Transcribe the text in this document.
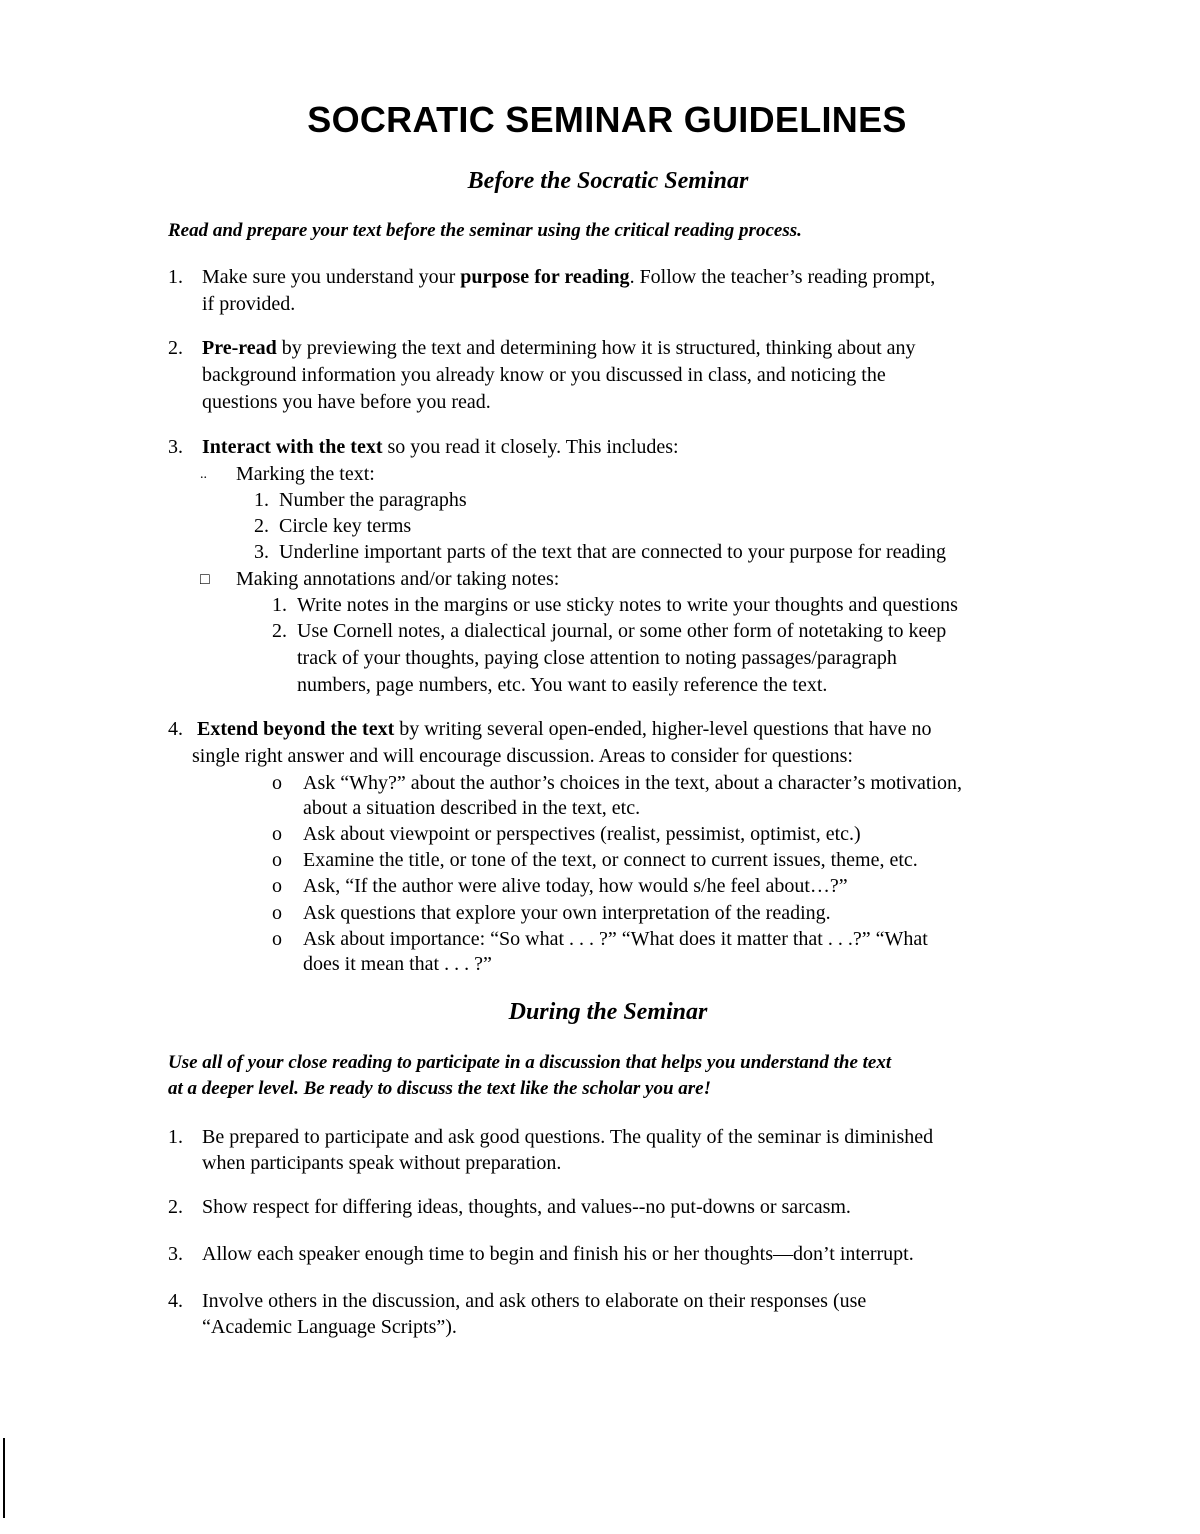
SOCRATIC SEMINAR GUIDELINES
Before the Socratic Seminar
Read and prepare your text before the seminar using the critical reading process.
1. Make sure you understand your purpose for reading. Follow the teacher’s reading prompt,
if provided.
2. Pre-read by previewing the text and determining how it is structured, thinking about any
background information you already know or you discussed in class, and noticing the
questions you have before you read.
3. Interact with the text so you read it closely. This includes:
.. Marking the text:
1. Number the paragraphs
2. Circle key terms
3. Underline important parts of the text that are connected to your purpose for reading
□ Making annotations and/or taking notes:
1. Write notes in the margins or use sticky notes to write your thoughts and questions
2. Use Cornell notes, a dialectical journal, or some other form of notetaking to keep
track of your thoughts, paying close attention to noting passages/paragraph
numbers, page numbers, etc. You want to easily reference the text.
4. Extend beyond the text by writing several open-ended, higher-level questions that have no
single right answer and will encourage discussion. Areas to consider for questions:
o Ask “Why?” about the author’s choices in the text, about a character’s motivation,
about a situation described in the text, etc.
o Ask about viewpoint or perspectives (realist, pessimist, optimist, etc.)
o Examine the title, or tone of the text, or connect to current issues, theme, etc.
o Ask, “If the author were alive today, how would s/he feel about…?”
o Ask questions that explore your own interpretation of the reading.
o Ask about importance: “So what . . . ?” “What does it matter that . . .?” “What
does it mean that . . . ?”
During the Seminar
Use all of your close reading to participate in a discussion that helps you understand the text
at a deeper level. Be ready to discuss the text like the scholar you are!
1. Be prepared to participate and ask good questions. The quality of the seminar is diminished
when participants speak without preparation.
2. Show respect for differing ideas, thoughts, and values--no put-downs or sarcasm.
3. Allow each speaker enough time to begin and finish his or her thoughts—don’t interrupt.
4. Involve others in the discussion, and ask others to elaborate on their responses (use
“Academic Language Scripts”).
